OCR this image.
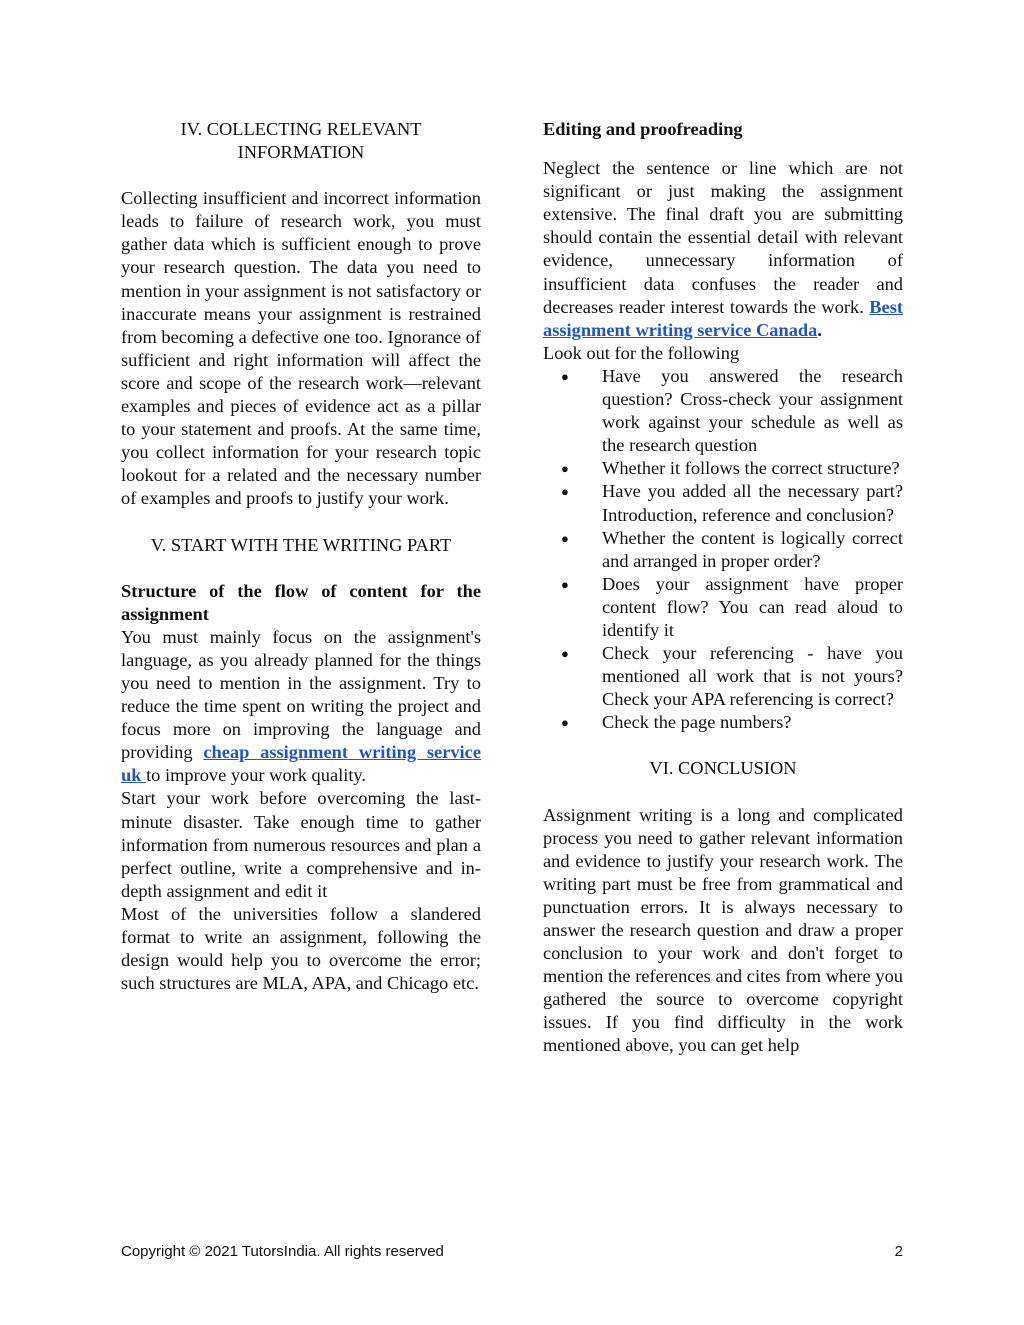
IV. COLLECTING RELEVANT INFORMATION

Collecting insufficient and incorrect information leads to failure of research work, you must gather data which is sufficient enough to prove your research question. The data you need to mention in your assignment is not satisfactory or inaccurate means your assignment is restrained from becoming a defective one too. Ignorance of sufficient and right information will affect the score and scope of the research work—relevant examples and pieces of evidence act as a pillar to your statement and proofs. At the same time, you collect information for your research topic lookout for a related and the necessary number of examples and proofs to justify your work.

V. START WITH THE WRITING PART

Structure of the flow of content for the assignment

You must mainly focus on the assignment's language, as you already planned for the things you need to mention in the assignment. Try to reduce the time spent on writing the project and focus more on improving the language and providing cheap assignment writing service uk to improve your work quality.

Start your work before overcoming the last-minute disaster. Take enough time to gather information from numerous resources and plan a perfect outline, write a comprehensive and in-depth assignment and edit it

Most of the universities follow a slandered format to write an assignment, following the design would help you to overcome the error; such structures are MLA, APA, and Chicago etc.

Editing and proofreading

Neglect the sentence or line which are not significant or just making the assignment extensive. The final draft you are submitting should contain the essential detail with relevant evidence, unnecessary information of insufficient data confuses the reader and decreases reader interest towards the work. Best assignment writing service Canada.

Look out for the following

● Have you answered the research question? Cross-check your assignment work against your schedule as well as the research question
● Whether it follows the correct structure?
● Have you added all the necessary part? Introduction, reference and conclusion?
● Whether the content is logically correct and arranged in proper order?
● Does your assignment have proper content flow? You can read aloud to identify it
● Check your referencing - have you mentioned all work that is not yours? Check your APA referencing is correct?
● Check the page numbers?
VI. CONCLUSION

Assignment writing is a long and complicated process you need to gather relevant information and evidence to justify your research work. The writing part must be free from grammatical and punctuation errors. It is always necessary to answer the research question and draw a proper conclusion to your work and don't forget to mention the references and cites from where you gathered the source to overcome copyright issues. If you find difficulty in the work mentioned above, you can get help

Copyright © 2021 TutorsIndia. All rights reserved	2
